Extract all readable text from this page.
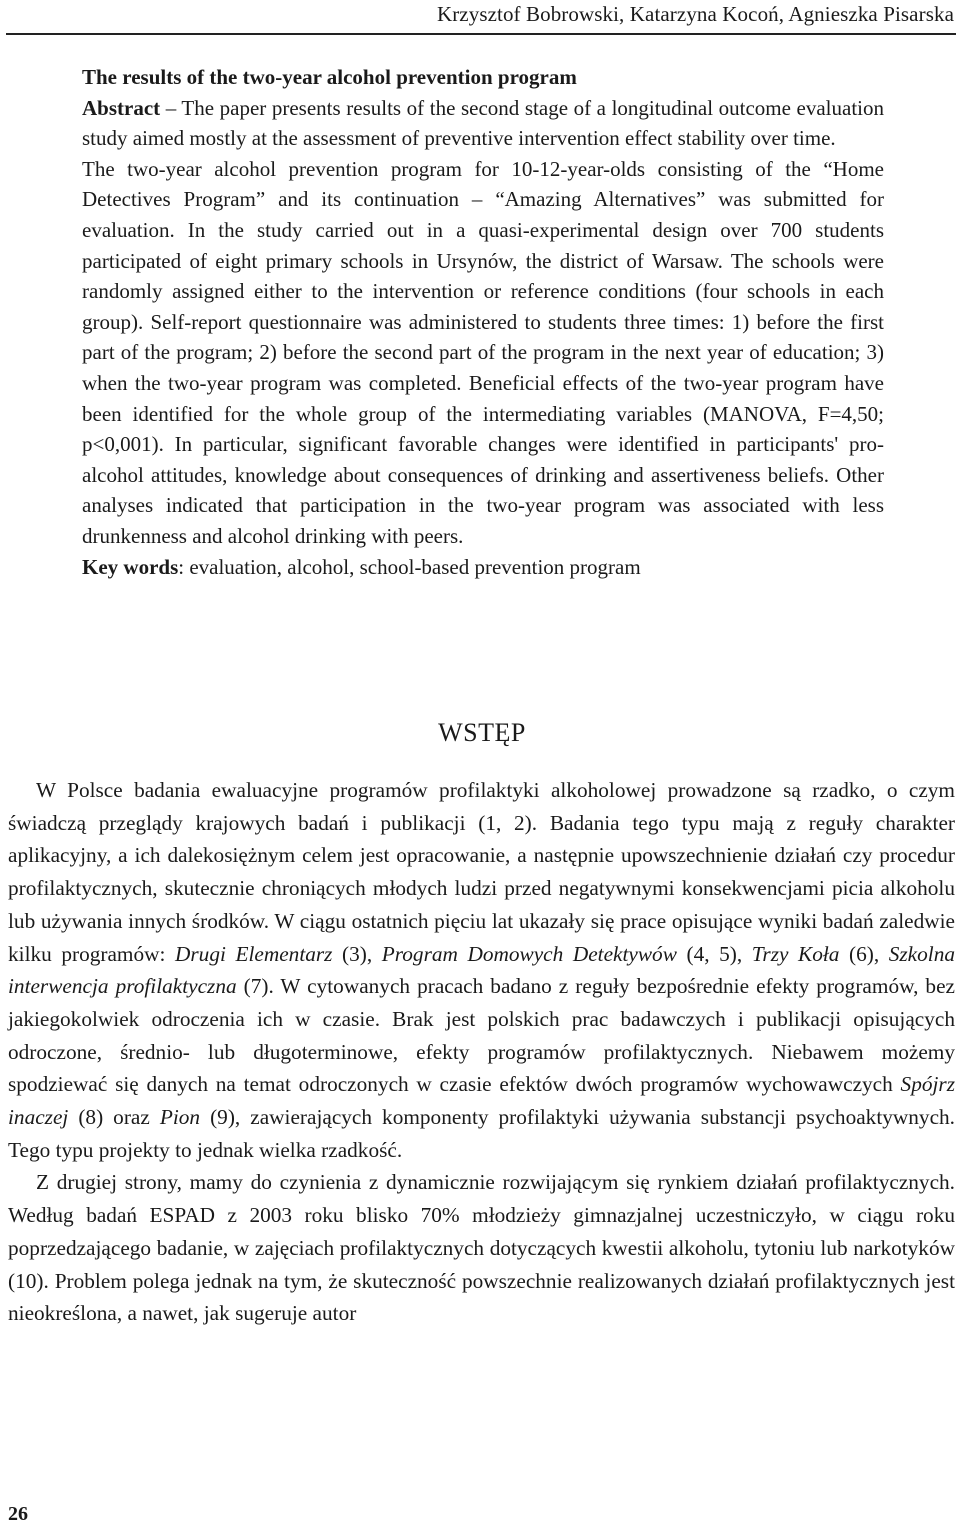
Krzysztof Bobrowski, Katarzyna Kocoń, Agnieszka Pisarska

The results of the two-year alcohol prevention program

Abstract – The paper presents results of the second stage of a longitudinal outcome evaluation study aimed mostly at the assessment of preventive intervention effect stability over time.

The two-year alcohol prevention program for 10-12-year-olds consisting of the “Home Detectives Program” and its continuation – “Amazing Alternatives” was submitted for evaluation. In the study carried out in a quasi-experimental design over 700 students participated of eight primary schools in Ursynów, the district of Warsaw. The schools were randomly assigned either to the intervention or reference conditions (four schools in each group). Self-report questionnaire was administered to students three times: 1) before the first part of the program; 2) before the second part of the program in the next year of education; 3) when the two-year program was completed. Beneficial effects of the two-year program have been identified for the whole group of the intermediating variables (MANOVA, F=4,50; p<0,001). In particular, significant favorable changes were identified in participants' pro-alcohol attitudes, knowledge about consequences of drinking and assertiveness beliefs. Other analyses indicated that participation in the two-year program was associated with less drunkenness and alcohol drinking with peers.

Key words: evaluation, alcohol, school-based prevention program

WSTĘP

W Polsce badania ewaluacyjne programów profilaktyki alkoholowej prowadzone są rzadko, o czym świadczą przeglądy krajowych badań i publikacji (1, 2). Badania tego typu mają z reguły charakter aplikacyjny, a ich dalekosiężnym celem jest opracowanie, a następnie upowszechnienie działań czy procedur profilaktycznych, skutecznie chroniących młodych ludzi przed negatywnymi konsekwencjami picia alkoholu lub używania innych środków. W ciągu ostatnich pięciu lat ukazały się prace opisujące wyniki badań zaledwie kilku programów: Drugi Elementarz (3), Program Domowych Detektywów (4, 5), Trzy Koła (6), Szkolna interwencja profilaktyczna (7). W cytowanych pracach badano z reguły bezpośrednie efekty programów, bez jakiegokolwiek odroczenia ich w czasie. Brak jest polskich prac badawczych i publikacji opisujących odroczone, średnio- lub długoterminowe, efekty programów profilaktycznych. Niebawem możemy spodziewać się danych na temat odroczonych w czasie efektów dwóch programów wychowawczych Spójrz inaczej (8) oraz Pion (9), zawierających komponenty profilaktyki używania substancji psychoaktywnych. Tego typu projekty to jednak wielka rzadkość.

Z drugiej strony, mamy do czynienia z dynamicznie rozwijającym się rynkiem działań profilaktycznych. Według badań ESPAD z 2003 roku blisko 70% młodzieży gimnazjalnej uczestniczyło, w ciągu roku poprzedzającego badanie, w zajęciach profilaktycznych dotyczących kwestii alkoholu, tytoniu lub narkotyków (10). Problem polega jednak na tym, że skuteczność powszechnie realizowanych działań profilaktycznych jest nieokreślona, a nawet, jak sugeruje autor

26
